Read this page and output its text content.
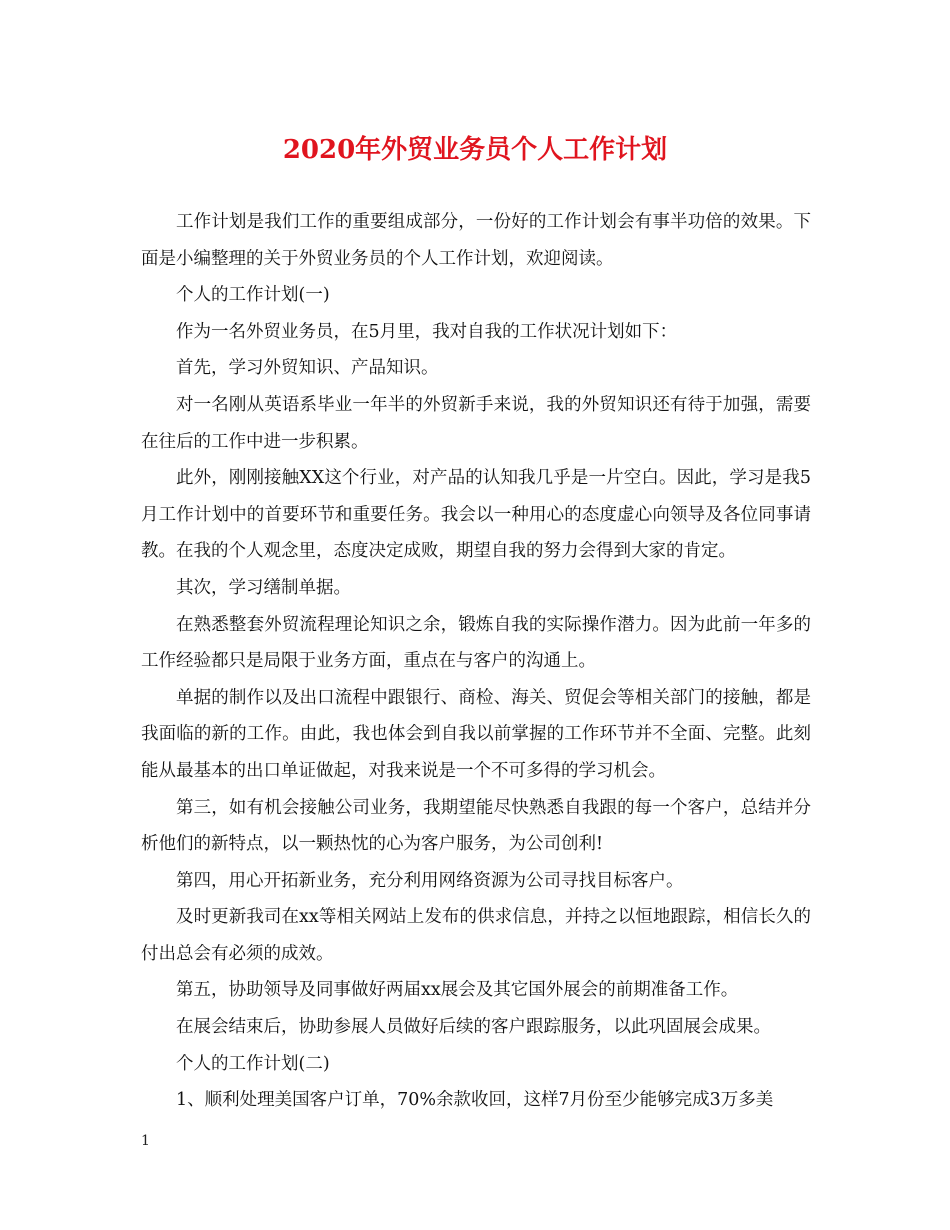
2020年外贸业务员个人工作计划

工作计划是我们工作的重要组成部分，一份好的工作计划会有事半功倍的效果。下面是小编整理的关于外贸业务员的个人工作计划，欢迎阅读。

个人的工作计划(一)

作为一名外贸业务员，在5月里，我对自我的工作状况计划如下：

首先，学习外贸知识、产品知识。

对一名刚从英语系毕业一年半的外贸新手来说，我的外贸知识还有待于加强，需要在往后的工作中进一步积累。

此外，刚刚接触XX这个行业，对产品的认知我几乎是一片空白。因此，学习是我5月工作计划中的首要环节和重要任务。我会以一种用心的态度虚心向领导及各位同事请教。在我的个人观念里，态度决定成败，期望自我的努力会得到大家的肯定。

其次，学习缮制单据。

在熟悉整套外贸流程理论知识之余，锻炼自我的实际操作潜力。因为此前一年多的工作经验都只是局限于业务方面，重点在与客户的沟通上。

单据的制作以及出口流程中跟银行、商检、海关、贸促会等相关部门的接触，都是我面临的新的工作。由此，我也体会到自我以前掌握的工作环节并不全面、完整。此刻能从最基本的出口单证做起，对我来说是一个不可多得的学习机会。

第三，如有机会接触公司业务，我期望能尽快熟悉自我跟的每一个客户，总结并分析他们的新特点，以一颗热忱的心为客户服务，为公司创利!

第四，用心开拓新业务，充分利用网络资源为公司寻找目标客户。

及时更新我司在xx等相关网站上发布的供求信息，并持之以恒地跟踪，相信长久的付出总会有必须的成效。

第五，协助领导及同事做好两届xx展会及其它国外展会的前期准备工作。

在展会结束后，协助参展人员做好后续的客户跟踪服务，以此巩固展会成果。

个人的工作计划(二)

1、顺利处理美国客户订单，70%余款收回，这样7月份至少能够完成3万多美

1
